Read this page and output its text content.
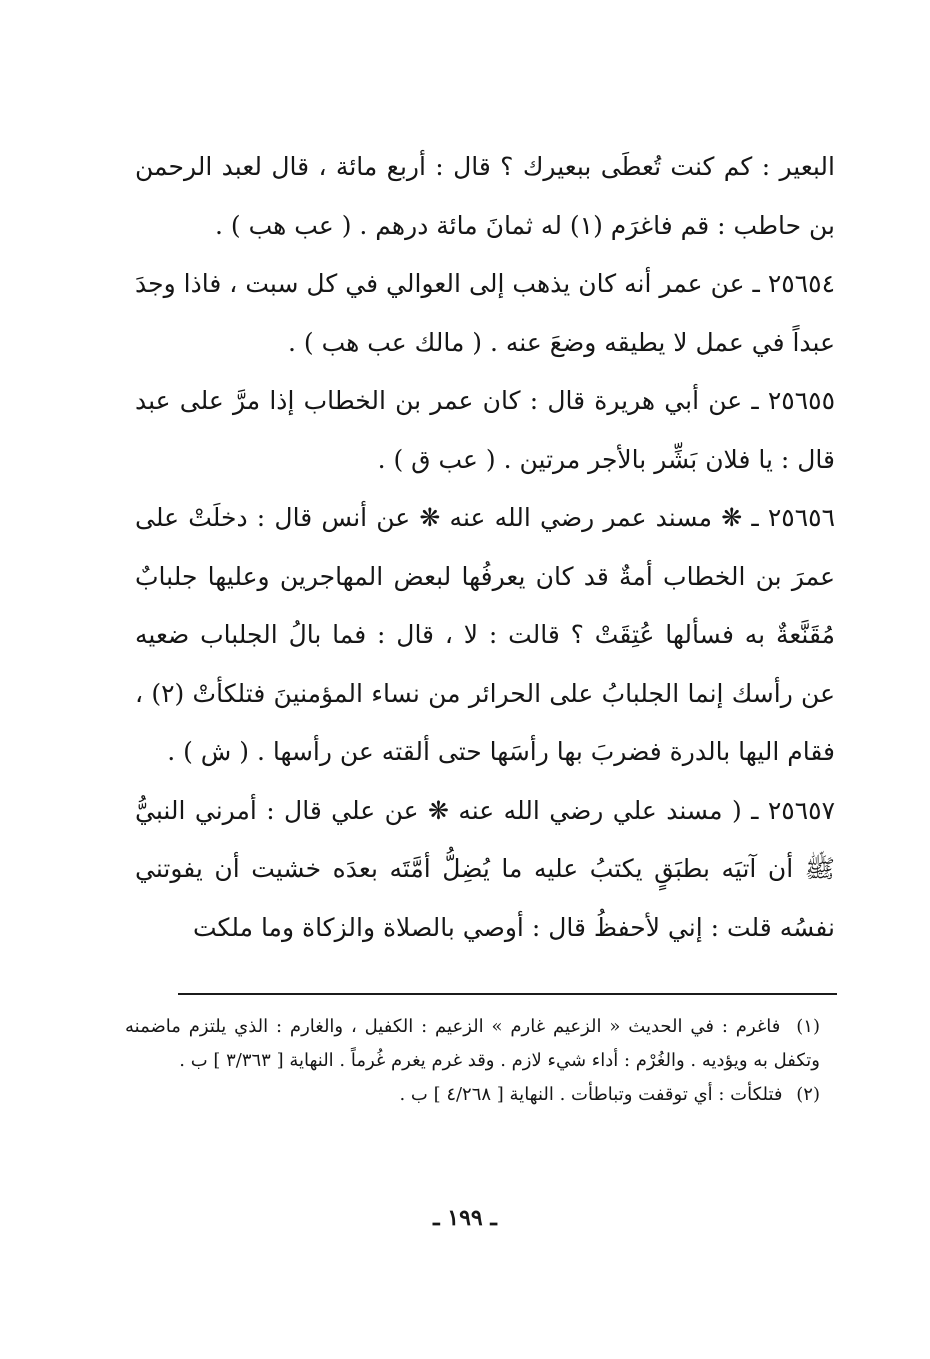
البعير : كم كنت تُعطَى ببعيرك ؟ قال : أربع مائة ، قال لعبد الرحمن بن حاطب : قم فاغرَم (١) له ثمانَ مائة درهم . ( عب هب ) .

٢٥٦٥٤ ـ عن عمر أنه كان يذهب إلى العوالي في كل سبت ، فاذا وجدَ عبداً في عمل لا يطيقه وضعَ عنه . ( مالك عب هب ) .

٢٥٦٥٥ ـ عن أبي هريرة قال : كان عمر بن الخطاب إذا مرَّ على عبد قال : يا فلان بَشِّر بالأجر مرتين . ( عب ق ) .

٢٥٦٥٦ ـ ❋ مسند عمر رضي الله عنه ❋ عن أنس قال : دخلَتْ على عمرَ بن الخطاب أمةٌ قد كان يعرفُها لبعض المهاجرين وعليها جلبابٌ مُقَنَّعةٌ به فسألها عُتِقَتْ ؟ قالت : لا ، قال : فما بالُ الجلباب ضعيه عن رأسك إنما الجلبابُ على الحرائر من نساء المؤمنينَ فتلكأتْ (٢) ، فقام اليها بالدرة فضربَ بها رأسَها حتى ألقته عن رأسها . ( ش ) .

٢٥٦٥٧ ـ ( مسند علي رضي الله عنه ❋ عن علي قال : أمرني النبيُّ ﷺ أن آتيَه بطبَقٍ يكتبُ عليه ما يُضِلُّ أمَّتَه بعدَه خشيت أن يفوتني نفسُه قلت : إني لأحفظُ قال : أوصي بالصلاة والزكاة وما ملكت

(١) فاغرم : في الحديث « الزعيم غارم » الزعيم : الكفيل ، والغارم : الذي يلتزم ماضمنه وتكفل به ويؤديه . والغُرْم : أداء شيء لازم . وقد غرم يغرم غُرماً . النهاية [ ٣/٣٦٣ ] ب .

(٢) فتلكأت : أي توقفت وتباطأت . النهاية [ ٤/٢٦٨ ] ب .

ـ ١٩٩ ـ
